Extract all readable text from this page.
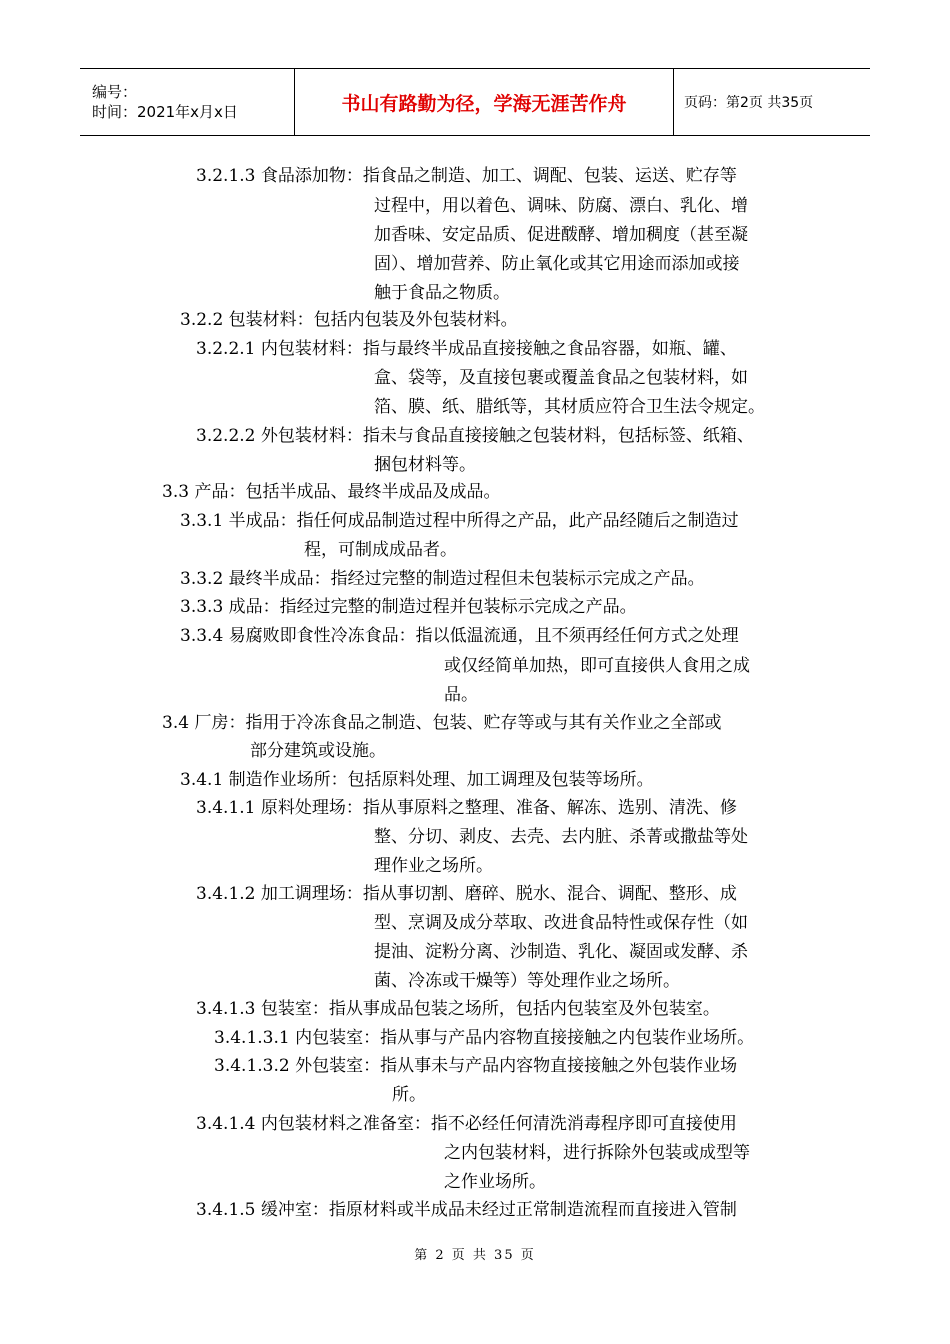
编号：
时间：2021年x月x日	书山有路勤为径，学海无涯苦作舟	页码：第2页 共35页
3.2.1.3 食品添加物：指食品之制造、加工、调配、包装、运送、贮存等
过程中，用以着色、调味、防腐、漂白、乳化、增
加香味、安定品质、促进酦酵、增加稠度（甚至凝
固）、增加营养、防止氧化或其它用途而添加或接
触于食品之物质。
3.2.2 包装材料：包括内包装及外包装材料。
3.2.2.1 内包装材料：指与最终半成品直接接触之食品容器，如瓶、罐、
盒、袋等，及直接包裹或覆盖食品之包装材料，如
箔、膜、纸、腊纸等，其材质应符合卫生法令规定。
3.2.2.2 外包装材料：指未与食品直接接触之包装材料，包括标签、纸箱、
捆包材料等。
3.3 产品：包括半成品、最终半成品及成品。
3.3.1 半成品：指任何成品制造过程中所得之产品，此产品经随后之制造过
程，可制成成品者。
3.3.2 最终半成品：指经过完整的制造过程但未包装标示完成之产品。
3.3.3 成品：指经过完整的制造过程并包装标示完成之产品。
3.3.4 易腐败即食性冷冻食品：指以低温流通，且不须再经任何方式之处理
或仅经简单加热，即可直接供人食用之成
品。
3.4 厂房：指用于冷冻食品之制造、包装、贮存等或与其有关作业之全部或
部分建筑或设施。
3.4.1 制造作业场所：包括原料处理、加工调理及包装等场所。
3.4.1.1 原料处理场：指从事原料之整理、准备、解冻、选别、清洗、修
整、分切、剥皮、去壳、去内脏、杀菁或撒盐等处
理作业之场所。
3.4.1.2 加工调理场：指从事切割、磨碎、脱水、混合、调配、整形、成
型、烹调及成分萃取、改进食品特性或保存性（如
提油、淀粉分离、沙制造、乳化、凝固或发酵、杀
菌、冷冻或干燥等）等处理作业之场所。
3.4.1.3 包装室：指从事成品包装之场所，包括内包装室及外包装室。
3.4.1.3.1 内包装室：指从事与产品内容物直接接触之内包装作业场所。
3.4.1.3.2 外包装室：指从事未与产品内容物直接接触之外包装作业场
所。
3.4.1.4 内包装材料之准备室：指不必经任何清洗消毒程序即可直接使用
之内包装材料，进行拆除外包装或成型等
之作业场所。
3.4.1.5 缓冲室：指原材料或半成品未经过正常制造流程而直接进入管制
第 2 页 共 35 页
